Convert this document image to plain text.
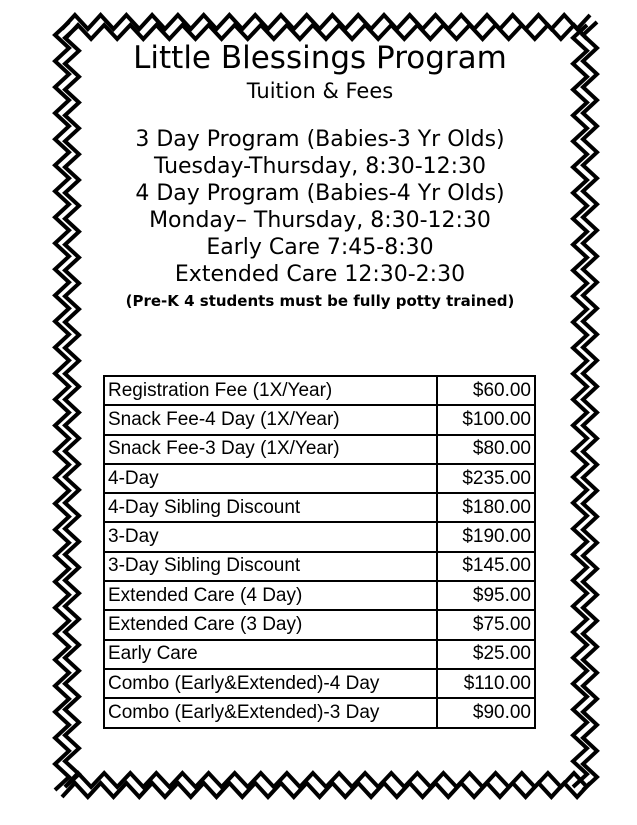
Little Blessings Program

Tuition & Fees

3 Day Program (Babies-3 Yr Olds)

Tuesday-Thursday, 8:30-12:30

4 Day Program (Babies-4 Yr Olds)

Monday– Thursday, 8:30-12:30

Early Care 7:45-8:30

Extended Care 12:30-2:30

(Pre-K 4 students must be fully potty trained)

Registration Fee (1X/Year)	$60.00
Snack Fee-4 Day (1X/Year)	$100.00
Snack Fee-3 Day (1X/Year)	$80.00
4-Day	$235.00
4-Day Sibling Discount	$180.00
3-Day	$190.00
3-Day Sibling Discount	$145.00
Extended Care (4 Day)	$95.00
Extended Care (3 Day)	$75.00
Early Care	$25.00
Combo (Early&Extended)-4 Day	$110.00
Combo (Early&Extended)-3 Day	$90.00
